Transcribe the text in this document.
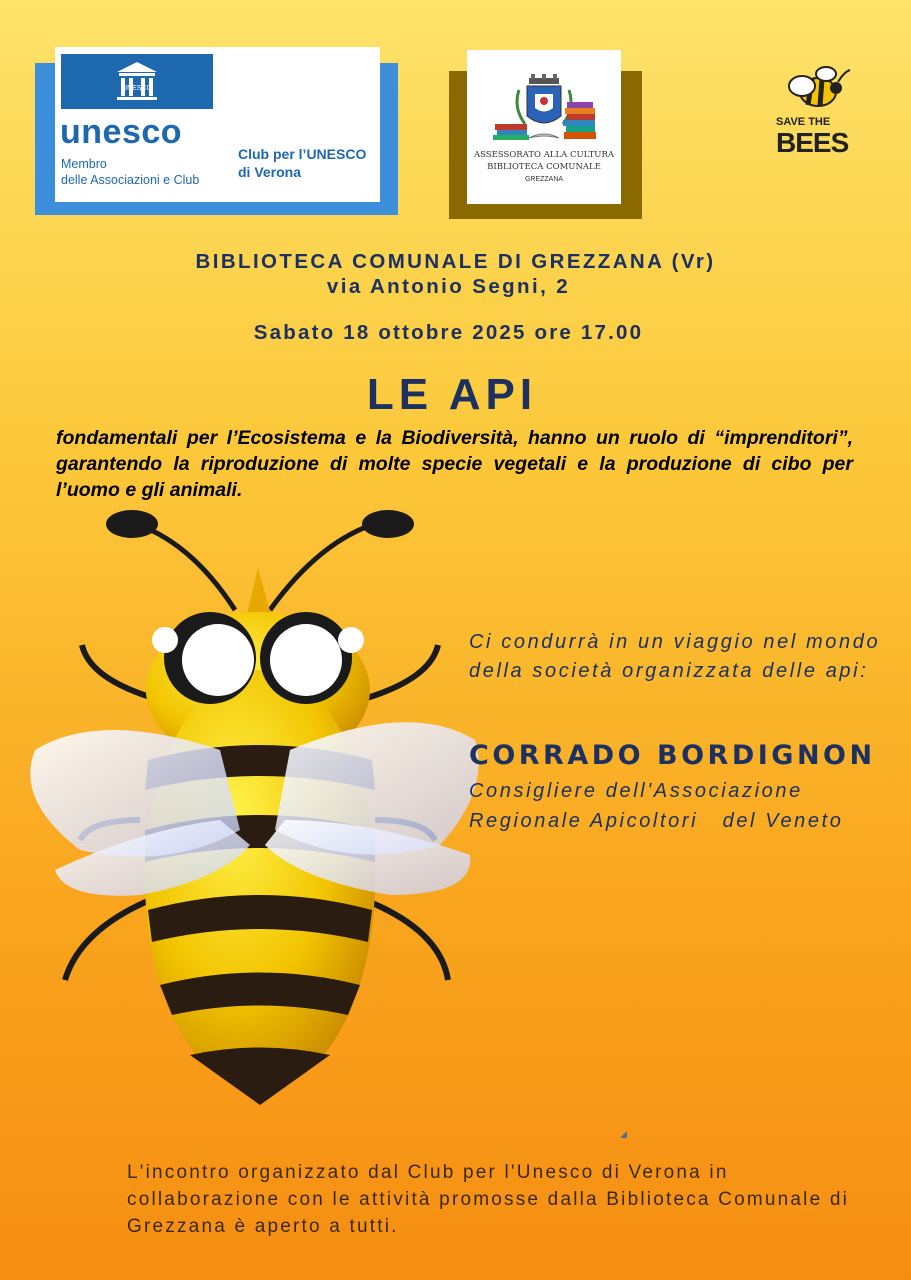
UNESCO
unesco
Membro
delle Associazioni e Club
Club per l’UNESCO
di Verona
ASSESSORATO ALLA CULTURA
BIBLIOTECA COMUNALE
GREZZANA
SAVE THE
BEES
BIBLIOTECA COMUNALE DI GREZZANA (Vr)
via Antonio Segni, 2
Sabato 18 ottobre 2025 ore 17.00
LE API
fondamentali per l’Ecosistema e la Biodiversità, hanno un ruolo di “imprenditori”, garantendo la riproduzione di molte specie vegetali e la produzione di cibo per l’uomo e gli animali.
Ci condurrà in un viaggio nel mondo della società organizzata delle api:
CORRADO BORDIGNON
Consigliere dell'Associazione Regionale Apicoltori   del Veneto
L'incontro organizzato dal Club per l'Unesco di Verona in collaborazione con le attività promosse dalla Biblioteca Comunale di Grezzana è aperto a tutti.
